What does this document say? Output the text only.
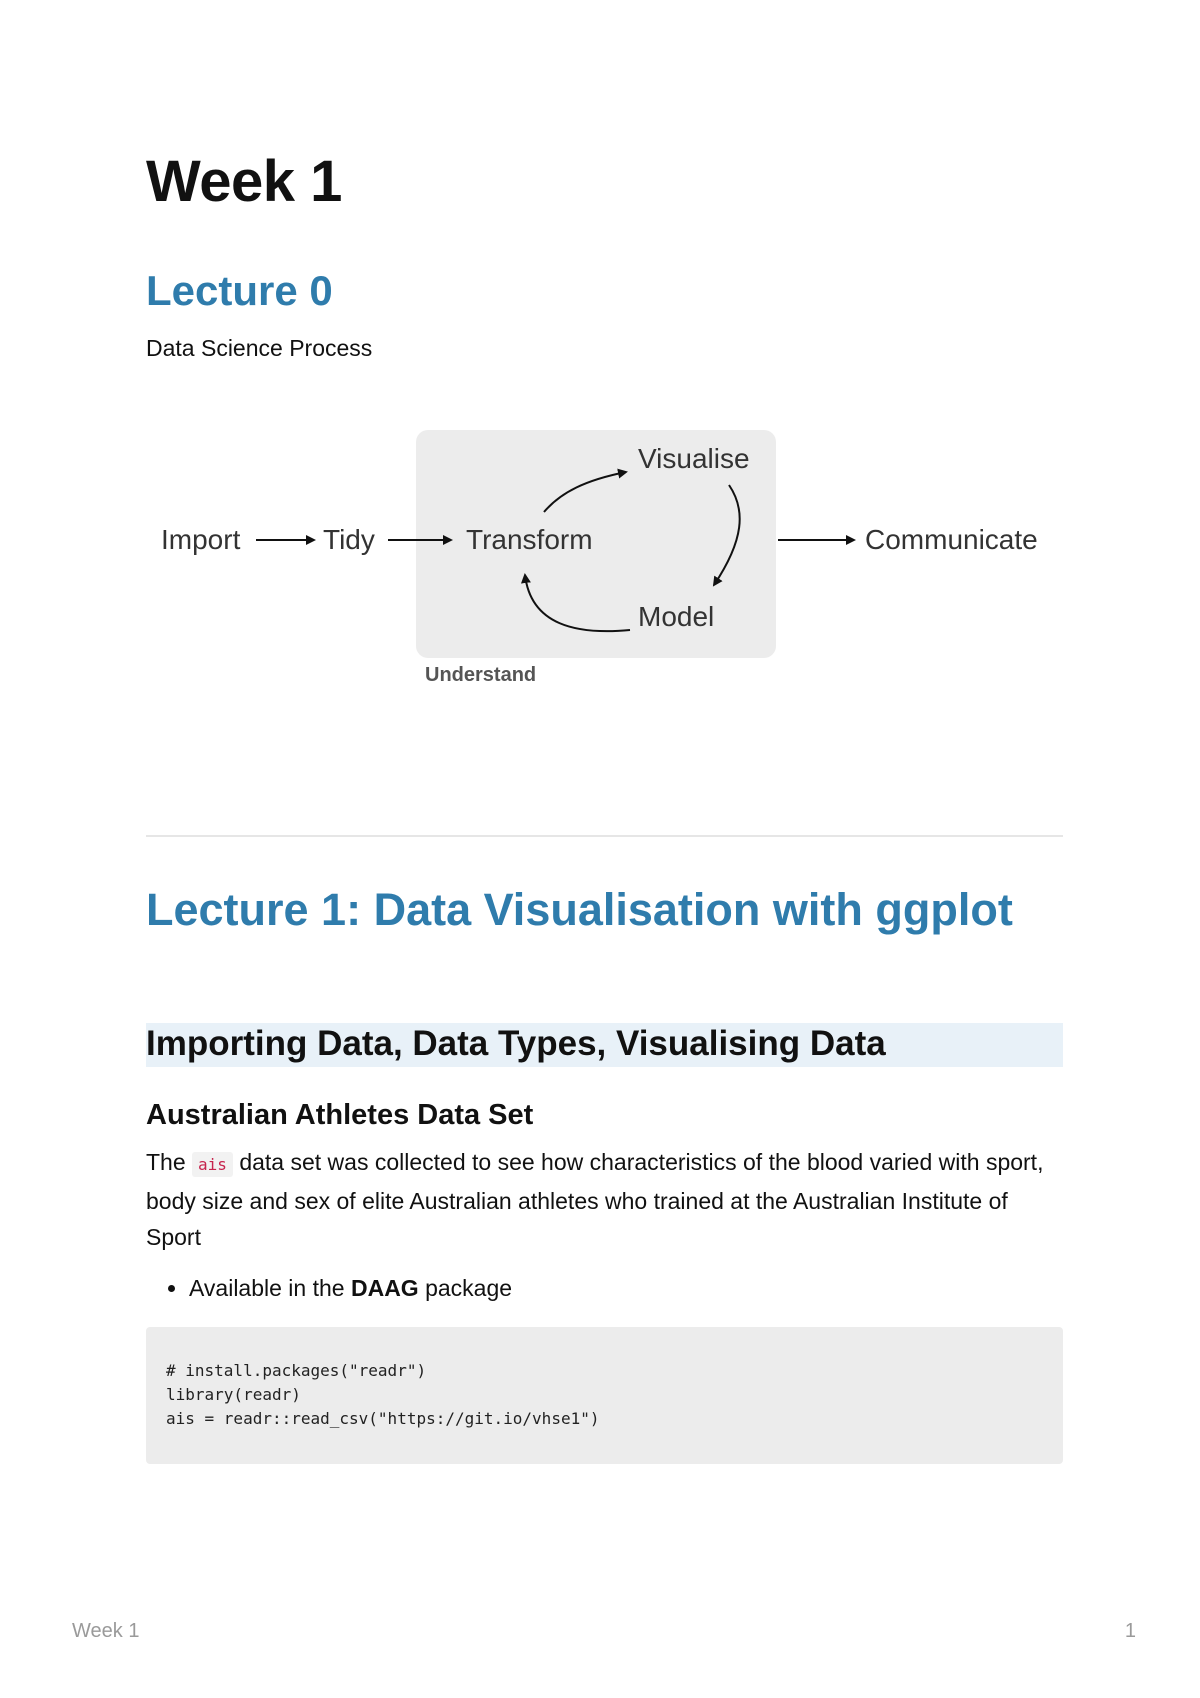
Week 1
Lecture 0

Data Science Process

Import	Tidy	Transform
Visualise
Model
Communicate
Understand
Lecture 1: Data Visualisation with ggplot
Importing Data, Data Types, Visualising Data
Australian Athletes Data Set

The ais data set was collected to see how characteristics of the blood varied with sport, body size and sex of elite Australian athletes who trained at the Australian Institute of Sport

• Available in the DAAG package
# install.packages("readr")
library(readr)
ais = readr::read_csv("https://git.io/vhse1")
Week 1	1
